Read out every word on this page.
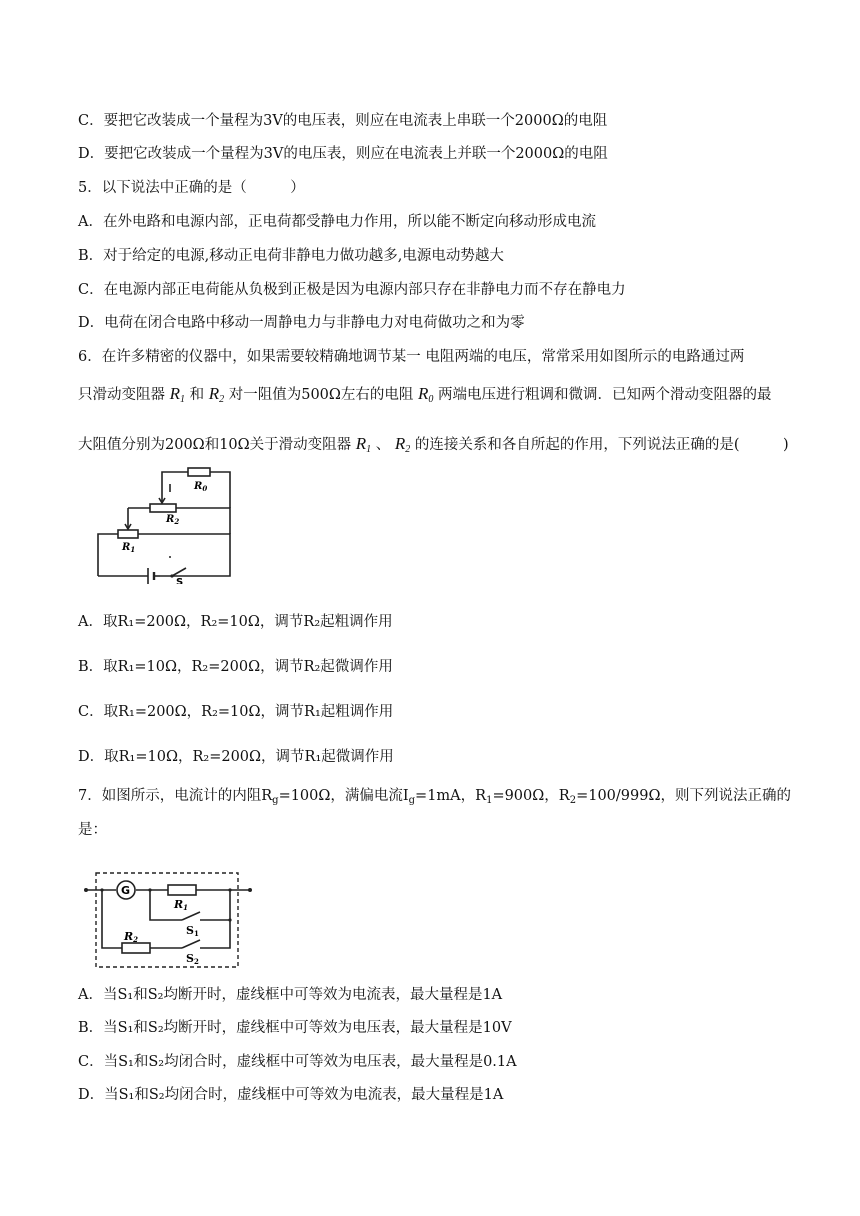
C．要把它改装成一个量程为3V的电压表，则应在电流表上串联一个2000Ω的电阻
D．要把它改装成一个量程为3V的电压表，则应在电流表上并联一个2000Ω的电阻
5．以下说法中正确的是（　　　）
A．在外电路和电源内部，正电荷都受静电力作用，所以能不断定向移动形成电流
B．对于给定的电源,移动正电荷非静电力做功越多,电源电动势越大
C．在电源内部正电荷能从负极到正极是因为电源内部只存在非静电力而不存在静电力
D．电荷在闭合电路中移动一周静电力与非静电力对电荷做功之和为零
6．在许多精密的仪器中，如果需要较精确地调节某一 电阻两端的电压，常常采用如图所示的电路通过两
只滑动变阻器 $R_1$ 和 $R_2$ 对一阻值为500Ω左右的电阻 $R_0$ 两端电压进行粗调和微调．已知两个滑动变阻器的最
大阻值分别为200Ω和10Ω关于滑动变阻器 $R_1$ 、 $R_2$ 的连接关系和各自所起的作用，下列说法正确的是(　　　)
$R_0$
$R_2$
$R_1$
S
A．取R₁=200Ω，R₂=10Ω，调节R₂起粗调作用
B．取R₁=10Ω，R₂=200Ω，调节R₂起微调作用
C．取R₁=200Ω，R₂=10Ω，调节R₁起粗调作用
D．取R₁=10Ω，R₂=200Ω，调节R₁起微调作用
7．如图所示，电流计的内阻$R_g=100\Omega$，满偏电流$I_g=1mA$，$R_1=900\Omega$，$R_2=100/999\Omega$，则下列说法正确的
是：
G
R1
S1
R2
S2
A．当S₁和S₂均断开时，虚线框中可等效为电流表，最大量程是1A
B．当S₁和S₂均断开时，虚线框中可等效为电压表，最大量程是10V
C．当S₁和S₂均闭合时，虚线框中可等效为电压表，最大量程是0.1A
D．当S₁和S₂均闭合时，虚线框中可等效为电流表，最大量程是1A
